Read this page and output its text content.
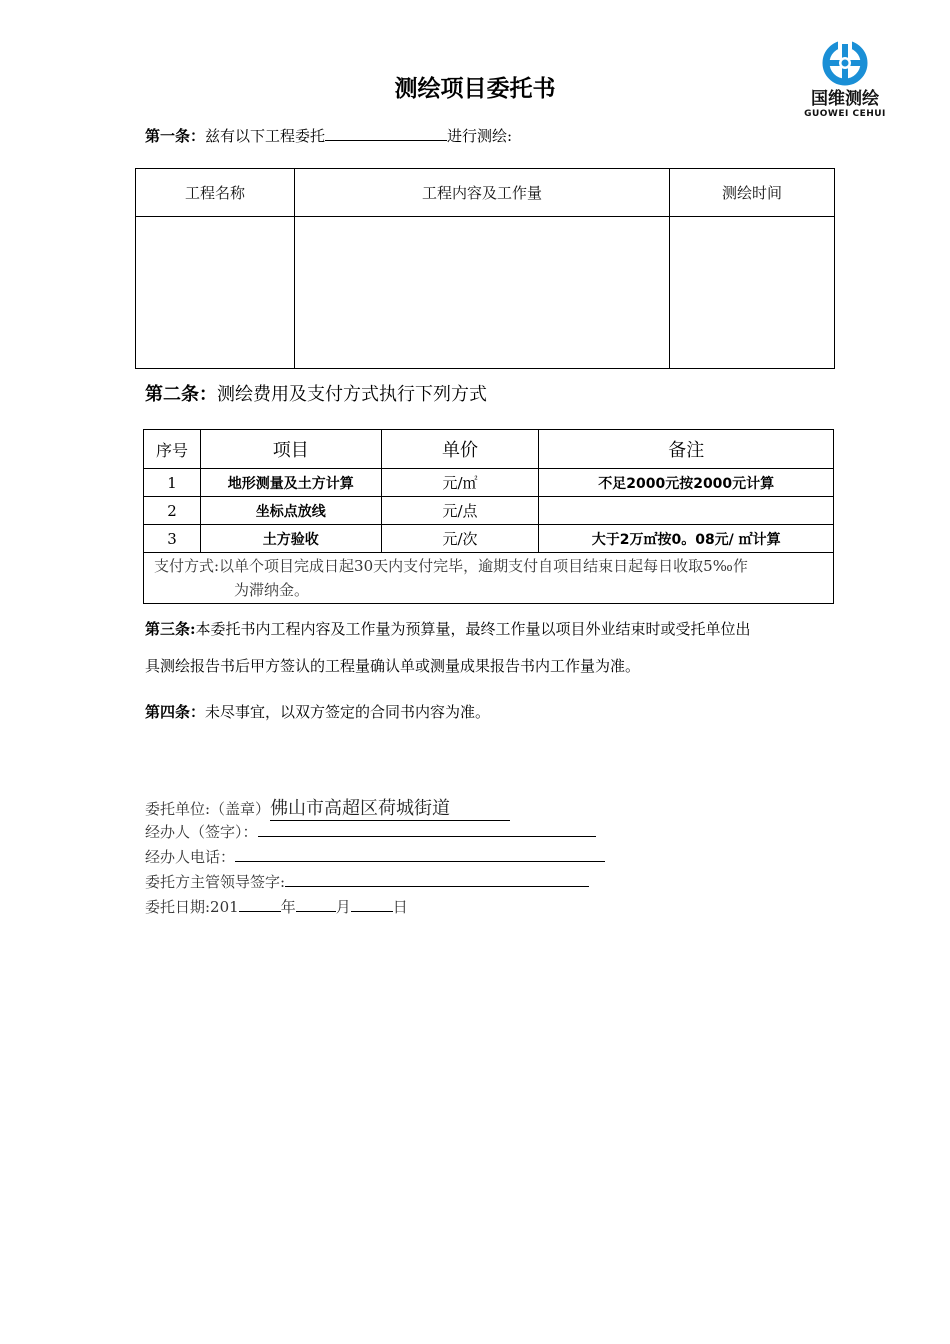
国维测绘
GUOWEI CEHUI
测绘项目委托书
第一条：兹有以下工程委托	进行测绘:
工程名称	工程内容及工作量	测绘时间

第二条：测绘费用及支付方式执行下列方式
序号	项目	单价	备注
1	地形测量及土方计算	元/㎡	不足2000元按2000元计算
2	坐标点放线	元/点	
3	土方验收	元/次	大于2万㎡按0。08元/ ㎡计算

支付方式:以单个项目完成日起30天内支付完毕，逾期支付自项目结束日起每日收取5‰作
为滞纳金。			
第三条:本委托书内工程内容及工作量为预算量，最终工作量以项目外业结束时或受托单位出
具测绘报告书后甲方签认的工程量确认单或测量成果报告书内工作量为准。
第四条：未尽事宜，以双方签定的合同书内容为准。
委托单位:（盖章）佛山市高超区荷城街道
经办人（签字）：
经办人电话：
委托方主管领导签字:
委托日期:201	年	月	日
